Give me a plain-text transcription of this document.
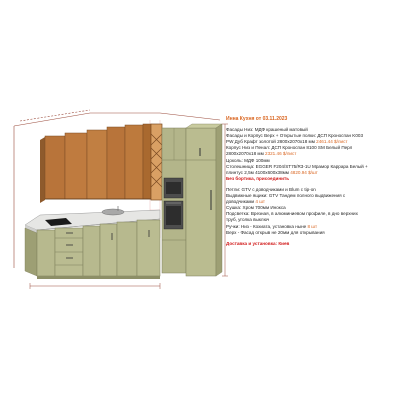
Инна Кухня от 03.11.2023
Фасады Низ: МДФ крашеный матовый
Фасады и Корпус Верх + Открытые полки: ДСП Кроноспан K003
PW Дуб Крафт золотой 2800х2070х18 мм 2461.44 $/лист
Корпус Низ и Пенал: ДСП Кроноспан 8100 SM Белый Перл
2800х2070х18 мм 2321.46 $/лист
Цоколь: МДФ 100мм
Столешница: EGGER F204/ST75/R3-1U Мрамор Каррара Белый +
плинтус 2,5м 4100х600х38мм 4820.94 $/шт
Без бортика, присоединить
Петли: GTV с доводчиками и Blum с tip-on
Выдвижные ящики: GTV Тандем полного выдвижения с
доводчиками 4 шт
Сушка: Хром 700мм Инокса
Подсветка: Врезная, в алюминиевом профиле, в дно верхних
труб, уголка выключ
Ручки: Низ - Кохиата, установка ныне 8 шт
Верх - Фасад открыв не 20мм для открывания
Доставка и установка: Киев
